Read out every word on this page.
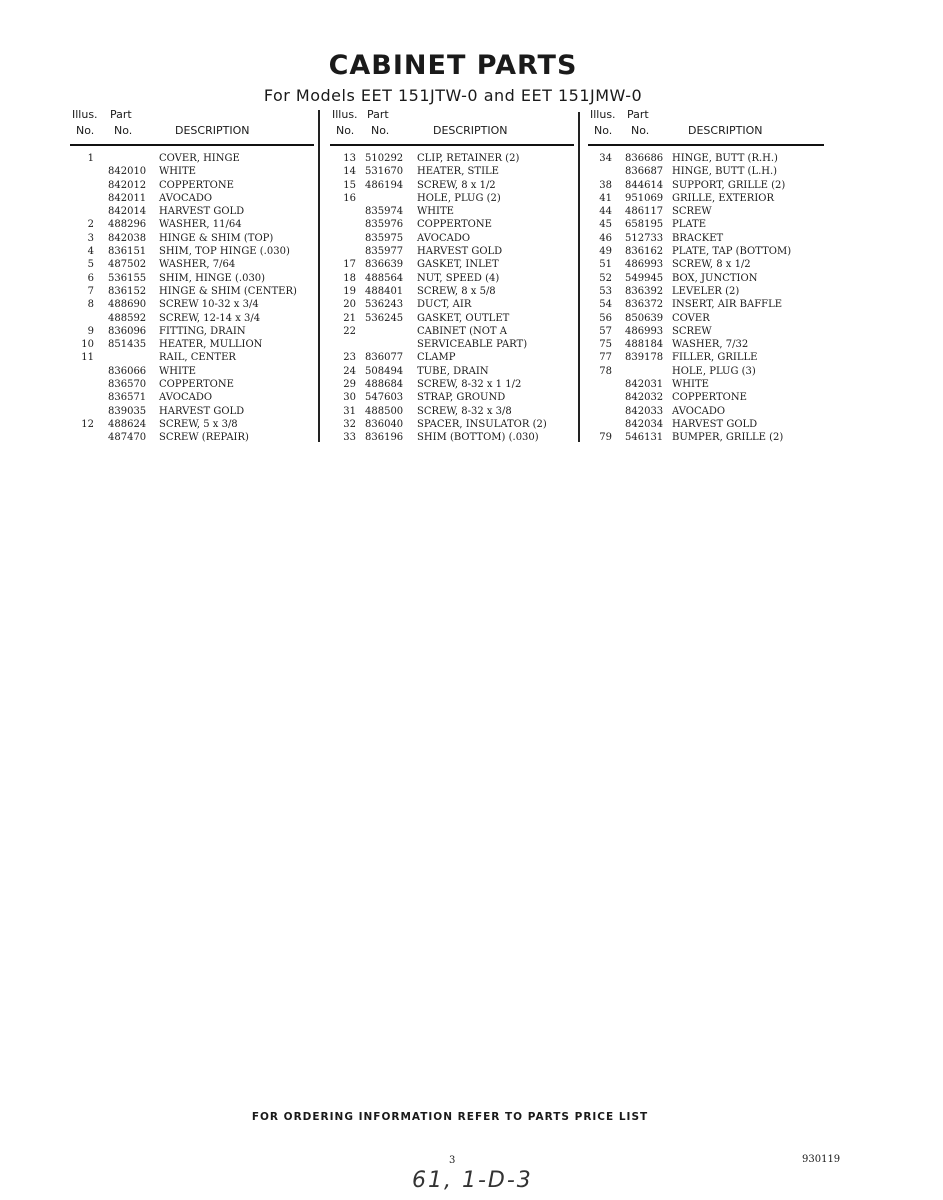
CABINET PARTS
For Models EET 151JTW-0 and EET 151JMW-0
Illus. Part
No. No.	DESCRIPTION
1	COVER, HINGE
842010 WHITE
842012 COPPERTONE
842011 AVOCADO
842014 HARVEST GOLD
2 488296 WASHER, 11/64
3 842038 HINGE & SHIM (TOP)
4 836151 SHIM, TOP HINGE (.030)
5 487502 WASHER, 7/64
6 536155 SHIM, HINGE (.030)
7 836152 HINGE & SHIM (CENTER)
8 488690 SCREW 10-32 x 3/4
488592 SCREW, 12-14 x 3/4
9 836096 FITTING, DRAIN
10 851435 HEATER, MULLION
11	RAIL, CENTER
836066 WHITE
836570 COPPERTONE
836571 AVOCADO
839035 HARVEST GOLD
12 488624 SCREW, 5 x 3/8
487470 SCREW (REPAIR)
Illus. Part
No. No.	DESCRIPTION
13 510292 CLIP, RETAINER (2)
14 531670 HEATER, STILE
15 486194 SCREW, 8 x 1/2
16	HOLE, PLUG (2)
835974 WHITE
835976 COPPERTONE
835975 AVOCADO
835977 HARVEST GOLD
17 836639 GASKET, INLET
18 488564 NUT, SPEED (4)
19 488401 SCREW, 8 x 5/8
20 536243 DUCT, AIR
21 536245 GASKET, OUTLET
22	CABINET (NOT A
SERVICEABLE PART)
23 836077 CLAMP
24 508494 TUBE, DRAIN
29 488684 SCREW, 8-32 x 1 1/2
30 547603 STRAP, GROUND
31 488500 SCREW, 8-32 x 3/8
32 836040 SPACER, INSULATOR (2)
33 836196 SHIM (BOTTOM) (.030)
Illus. Part
No. No.	DESCRIPTION
34 836686 HINGE, BUTT (R.H.)
836687 HINGE, BUTT (L.H.)
38 844614 SUPPORT, GRILLE (2)
41 951069 GRILLE, EXTERIOR
44 486117 SCREW
45 658195 PLATE
46 512733 BRACKET
49 836162 PLATE, TAP (BOTTOM)
51 486993 SCREW, 8 x 1/2
52 549945 BOX, JUNCTION
53 836392 LEVELER (2)
54 836372 INSERT, AIR BAFFLE
56 850639 COVER
57 486993 SCREW
75 488184 WASHER, 7/32
77 839178 FILLER, GRILLE
78	HOLE, PLUG (3)
842031 WHITE
842032 COPPERTONE
842033 AVOCADO
842034 HARVEST GOLD
79 546131 BUMPER, GRILLE (2)
FOR ORDERING INFORMATION REFER TO PARTS PRICE LIST
3	930119
61, 1-D-3
